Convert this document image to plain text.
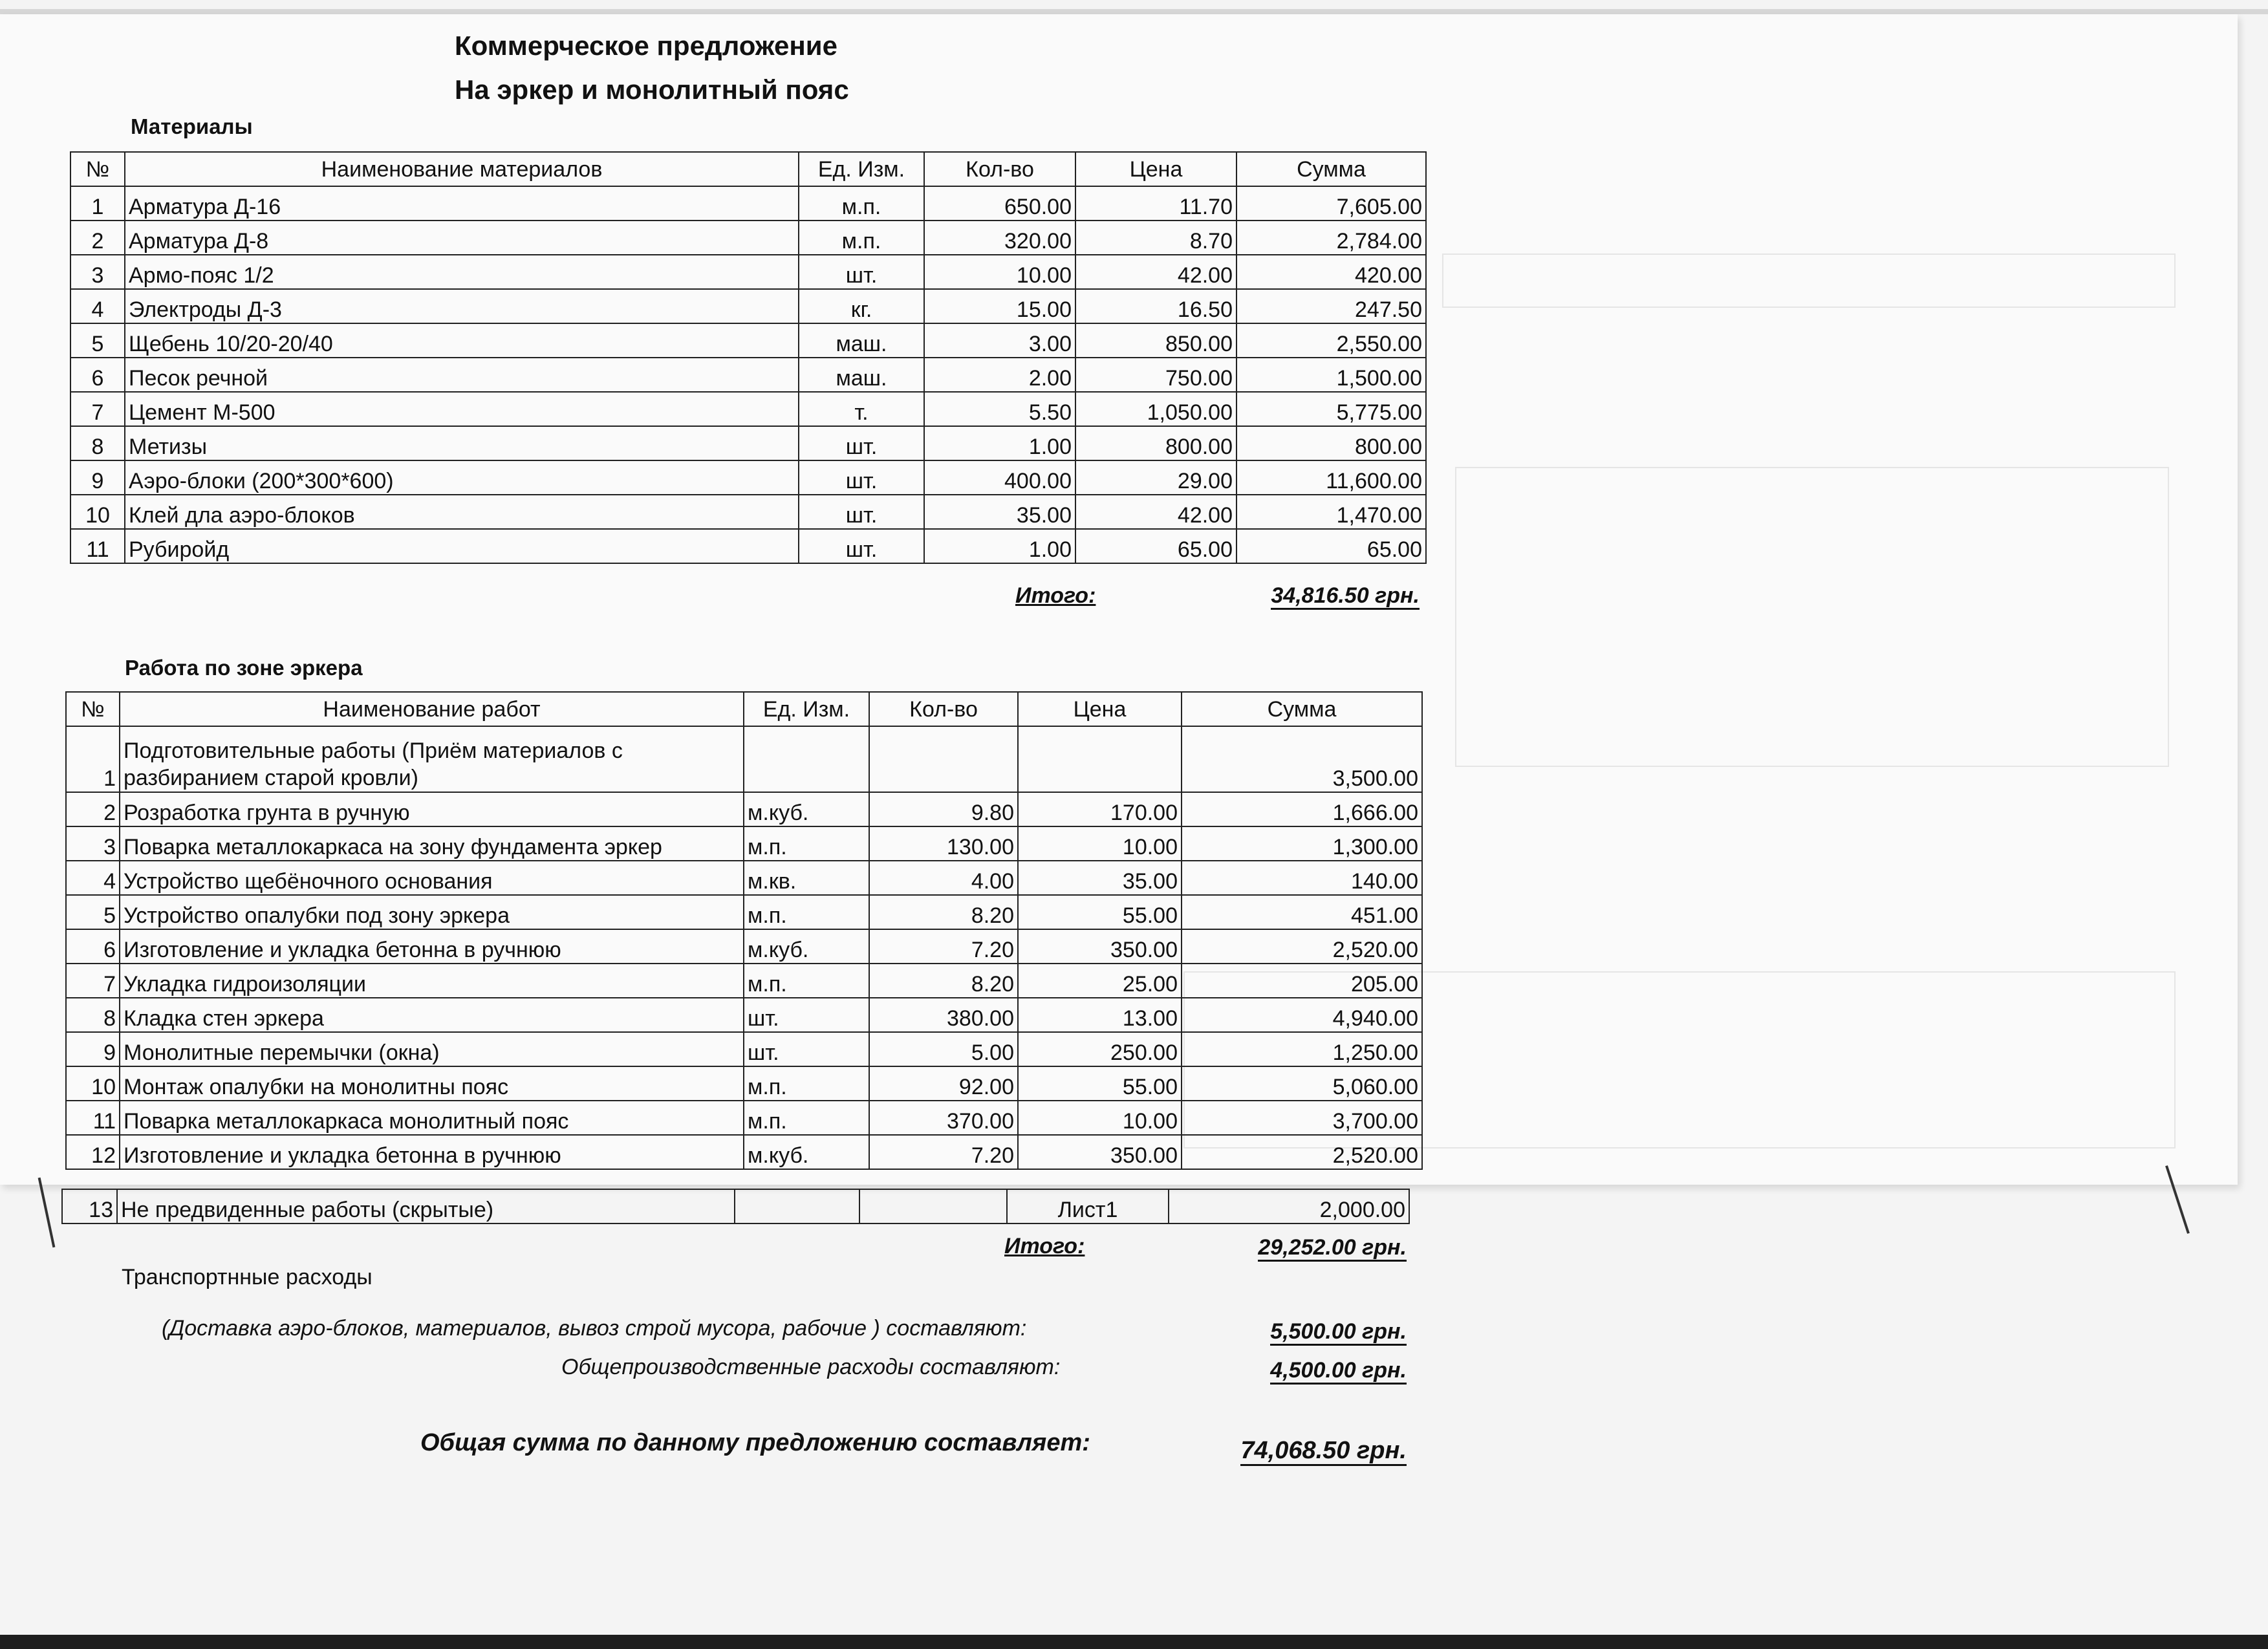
Коммерческое предложение
На эркер и монолитный пояс
Материалы
№	Наименование материалов	Ед. Изм.	Кол-во	Цена	Сумма
1	Арматура Д-16	м.п.	650.00	11.70	7,605.00
2	Арматура Д-8	м.п.	320.00	8.70	2,784.00
3	Армо-пояс 1/2	шт.	10.00	42.00	420.00
4	Электроды Д-3	кг.	15.00	16.50	247.50
5	Щебень 10/20-20/40	маш.	3.00	850.00	2,550.00
6	Песок речной	маш.	2.00	750.00	1,500.00
7	Цемент М-500	т.	5.50	1,050.00	5,775.00
8	Метизы	шт.	1.00	800.00	800.00
9	Аэро-блоки (200*300*600)	шт.	400.00	29.00	11,600.00
10	Клей дла аэро-блоков	шт.	35.00	42.00	1,470.00
11	Рубиройд	шт.	1.00	65.00	65.00
Итого:	34,816.50 грн.
Работа по зоне эркера
№	Наименование работ	Ед. Изм.	Кол-во	Цена	Сумма
1	Подготовительные работы (Приём материалов с разбиранием старой кровли)				3,500.00
2	Розработка грунта в ручную	м.куб.	9.80	170.00	1,666.00
3	Поварка металлокаркаса на зону фундамента эркер	м.п.	130.00	10.00	1,300.00
4	Устройство щебёночного основания	м.кв.	4.00	35.00	140.00
5	Устройство опалубки под зону эркера	м.п.	8.20	55.00	451.00
6	Изготовление и укладка бетонна в ручнюю	м.куб.	7.20	350.00	2,520.00
7	Укладка гидроизоляции	м.п.	8.20	25.00	205.00
8	Кладка стен эркера	шт.	380.00	13.00	4,940.00
9	Монолитные перемычки (окна)	шт.	5.00	250.00	1,250.00
10	Монтаж опалубки на монолитны пояс	м.п.	92.00	55.00	5,060.00
11	Поварка металлокаркаса монолитный пояс	м.п.	370.00	10.00	3,700.00
12	Изготовление и укладка бетонна в ручнюю	м.куб.	7.20	350.00	2,520.00
13	Не предвиденные работы (скрытые)			Лист1	2,000.00
Итого:	29,252.00 грн.
Транспортнные расходы
(Доставка аэро-блоков, материалов, вывоз строй мусора, рабочие ) составляют:	5,500.00 грн.
Общепроизводственные расходы составляют:	4,500.00 грн.
Общая сумма по данному предложению составляет:	74,068.50 грн.
